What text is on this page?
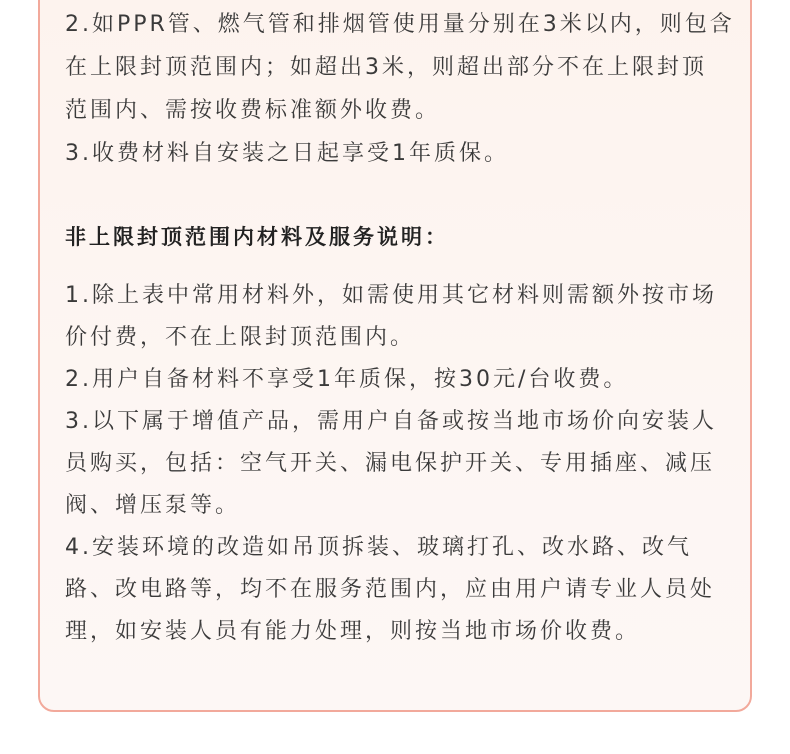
2.如PPR管、燃气管和排烟管使用量分别在3米以内，则包含
在上限封顶范围内；如超出3米，则超出部分不在上限封顶
范围内、需按收费标准额外收费。
3.收费材料自安装之日起享受1年质保。
非上限封顶范围内材料及服务说明：
1.除上表中常用材料外，如需使用其它材料则需额外按市场
价付费，不在上限封顶范围内。
2.用户自备材料不享受1年质保，按30元/台收费。
3.以下属于增值产品，需用户自备或按当地市场价向安装人
员购买，包括：空气开关、漏电保护开关、专用插座、减压
阀、增压泵等。
4.安装环境的改造如吊顶拆装、玻璃打孔、改水路、改气
路、改电路等，均不在服务范围内，应由用户请专业人员处
理，如安装人员有能力处理，则按当地市场价收费。
